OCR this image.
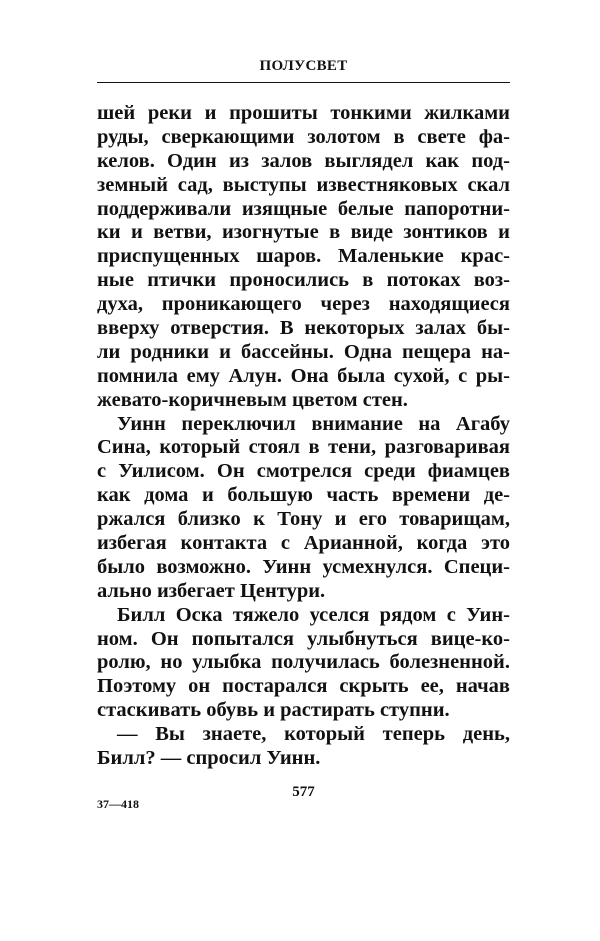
ПОЛУСВЕТ
шей реки и прошиты тонкими жилками
руды, сверкающими золотом в свете фа-
келов. Один из залов выглядел как под-
земный сад, выступы известняковых скал
поддерживали изящные белые папоротни-
ки и ветви, изогнутые в виде зонтиков и
приспущенных шаров. Маленькие крас-
ные птички проносились в потоках воз-
духа, проникающего через находящиеся
вверху отверстия. В некоторых залах бы-
ли родники и бассейны. Одна пещера на-
помнила ему Алун. Она была сухой, с ры-
жевато-коричневым цветом стен.
Уинн переключил внимание на Агабу
Сина, который стоял в тени, разговаривая
с Уилисом. Он смотрелся среди фиамцев
как дома и большую часть времени де-
ржался близко к Тону и его товарищам,
избегая контакта с Арианной, когда это
было возможно. Уинн усмехнулся. Специ-
ально избегает Центури.
Билл Оска тяжело уселся рядом с Уин-
ном. Он попытался улыбнуться вице-ко-
ролю, но улыбка получилась болезненной.
Поэтому он постарался скрыть ее, начав
стаскивать обувь и растирать ступни.
— Вы знаете, который теперь день,
Билл? — спросил Уинн.
577
37—418
